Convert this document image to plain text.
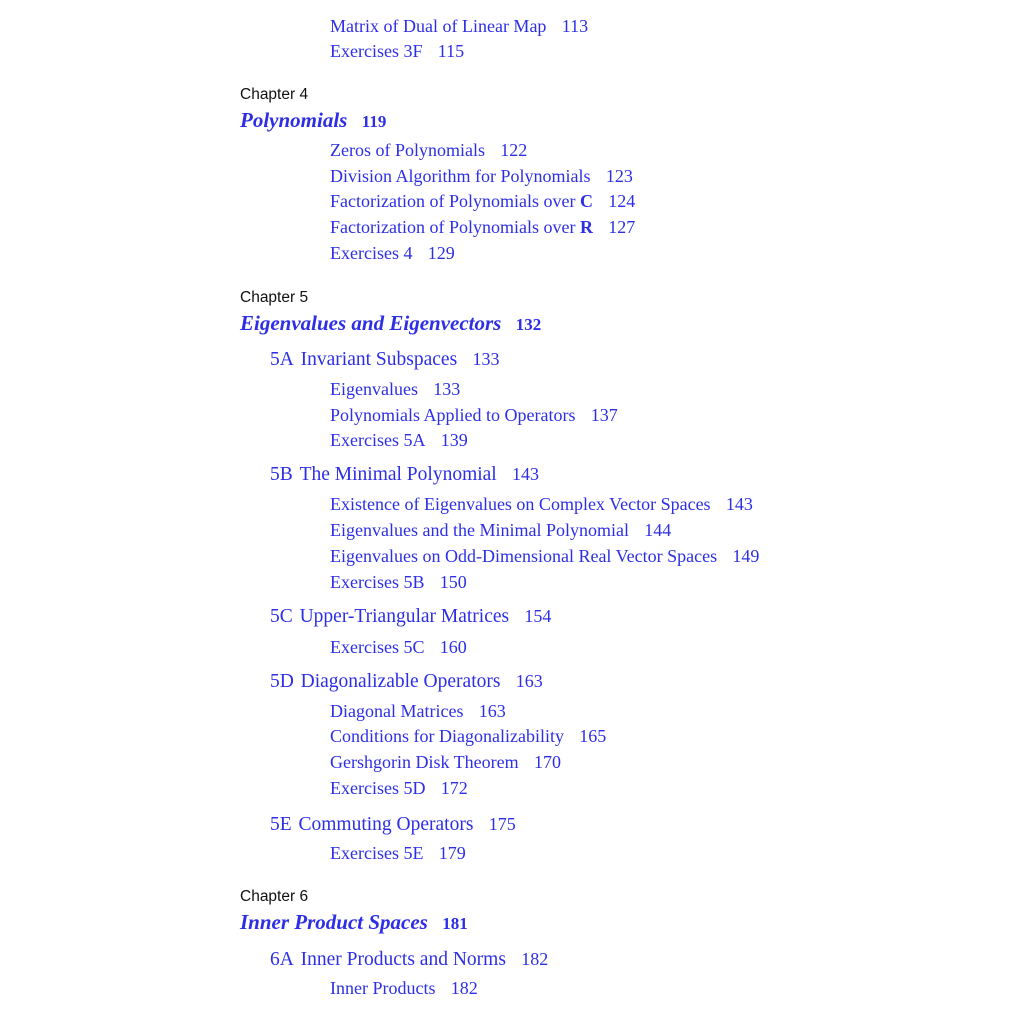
Matrix of Dual of Linear Map 113
Exercises 3F 115
Chapter 4
Polynomials 119
Zeros of Polynomials 122
Division Algorithm for Polynomials 123
Factorization of Polynomials over C 124
Factorization of Polynomials over R 127
Exercises 4 129
Chapter 5
Eigenvalues and Eigenvectors 132
5A Invariant Subspaces 133
Eigenvalues 133
Polynomials Applied to Operators 137
Exercises 5A 139
5B The Minimal Polynomial 143
Existence of Eigenvalues on Complex Vector Spaces 143
Eigenvalues and the Minimal Polynomial 144
Eigenvalues on Odd-Dimensional Real Vector Spaces 149
Exercises 5B 150
5C Upper-Triangular Matrices 154
Exercises 5C 160
5D Diagonalizable Operators 163
Diagonal Matrices 163
Conditions for Diagonalizability 165
Gershgorin Disk Theorem 170
Exercises 5D 172
5E Commuting Operators 175
Exercises 5E 179
Chapter 6
Inner Product Spaces 181
6A Inner Products and Norms 182
Inner Products 182
